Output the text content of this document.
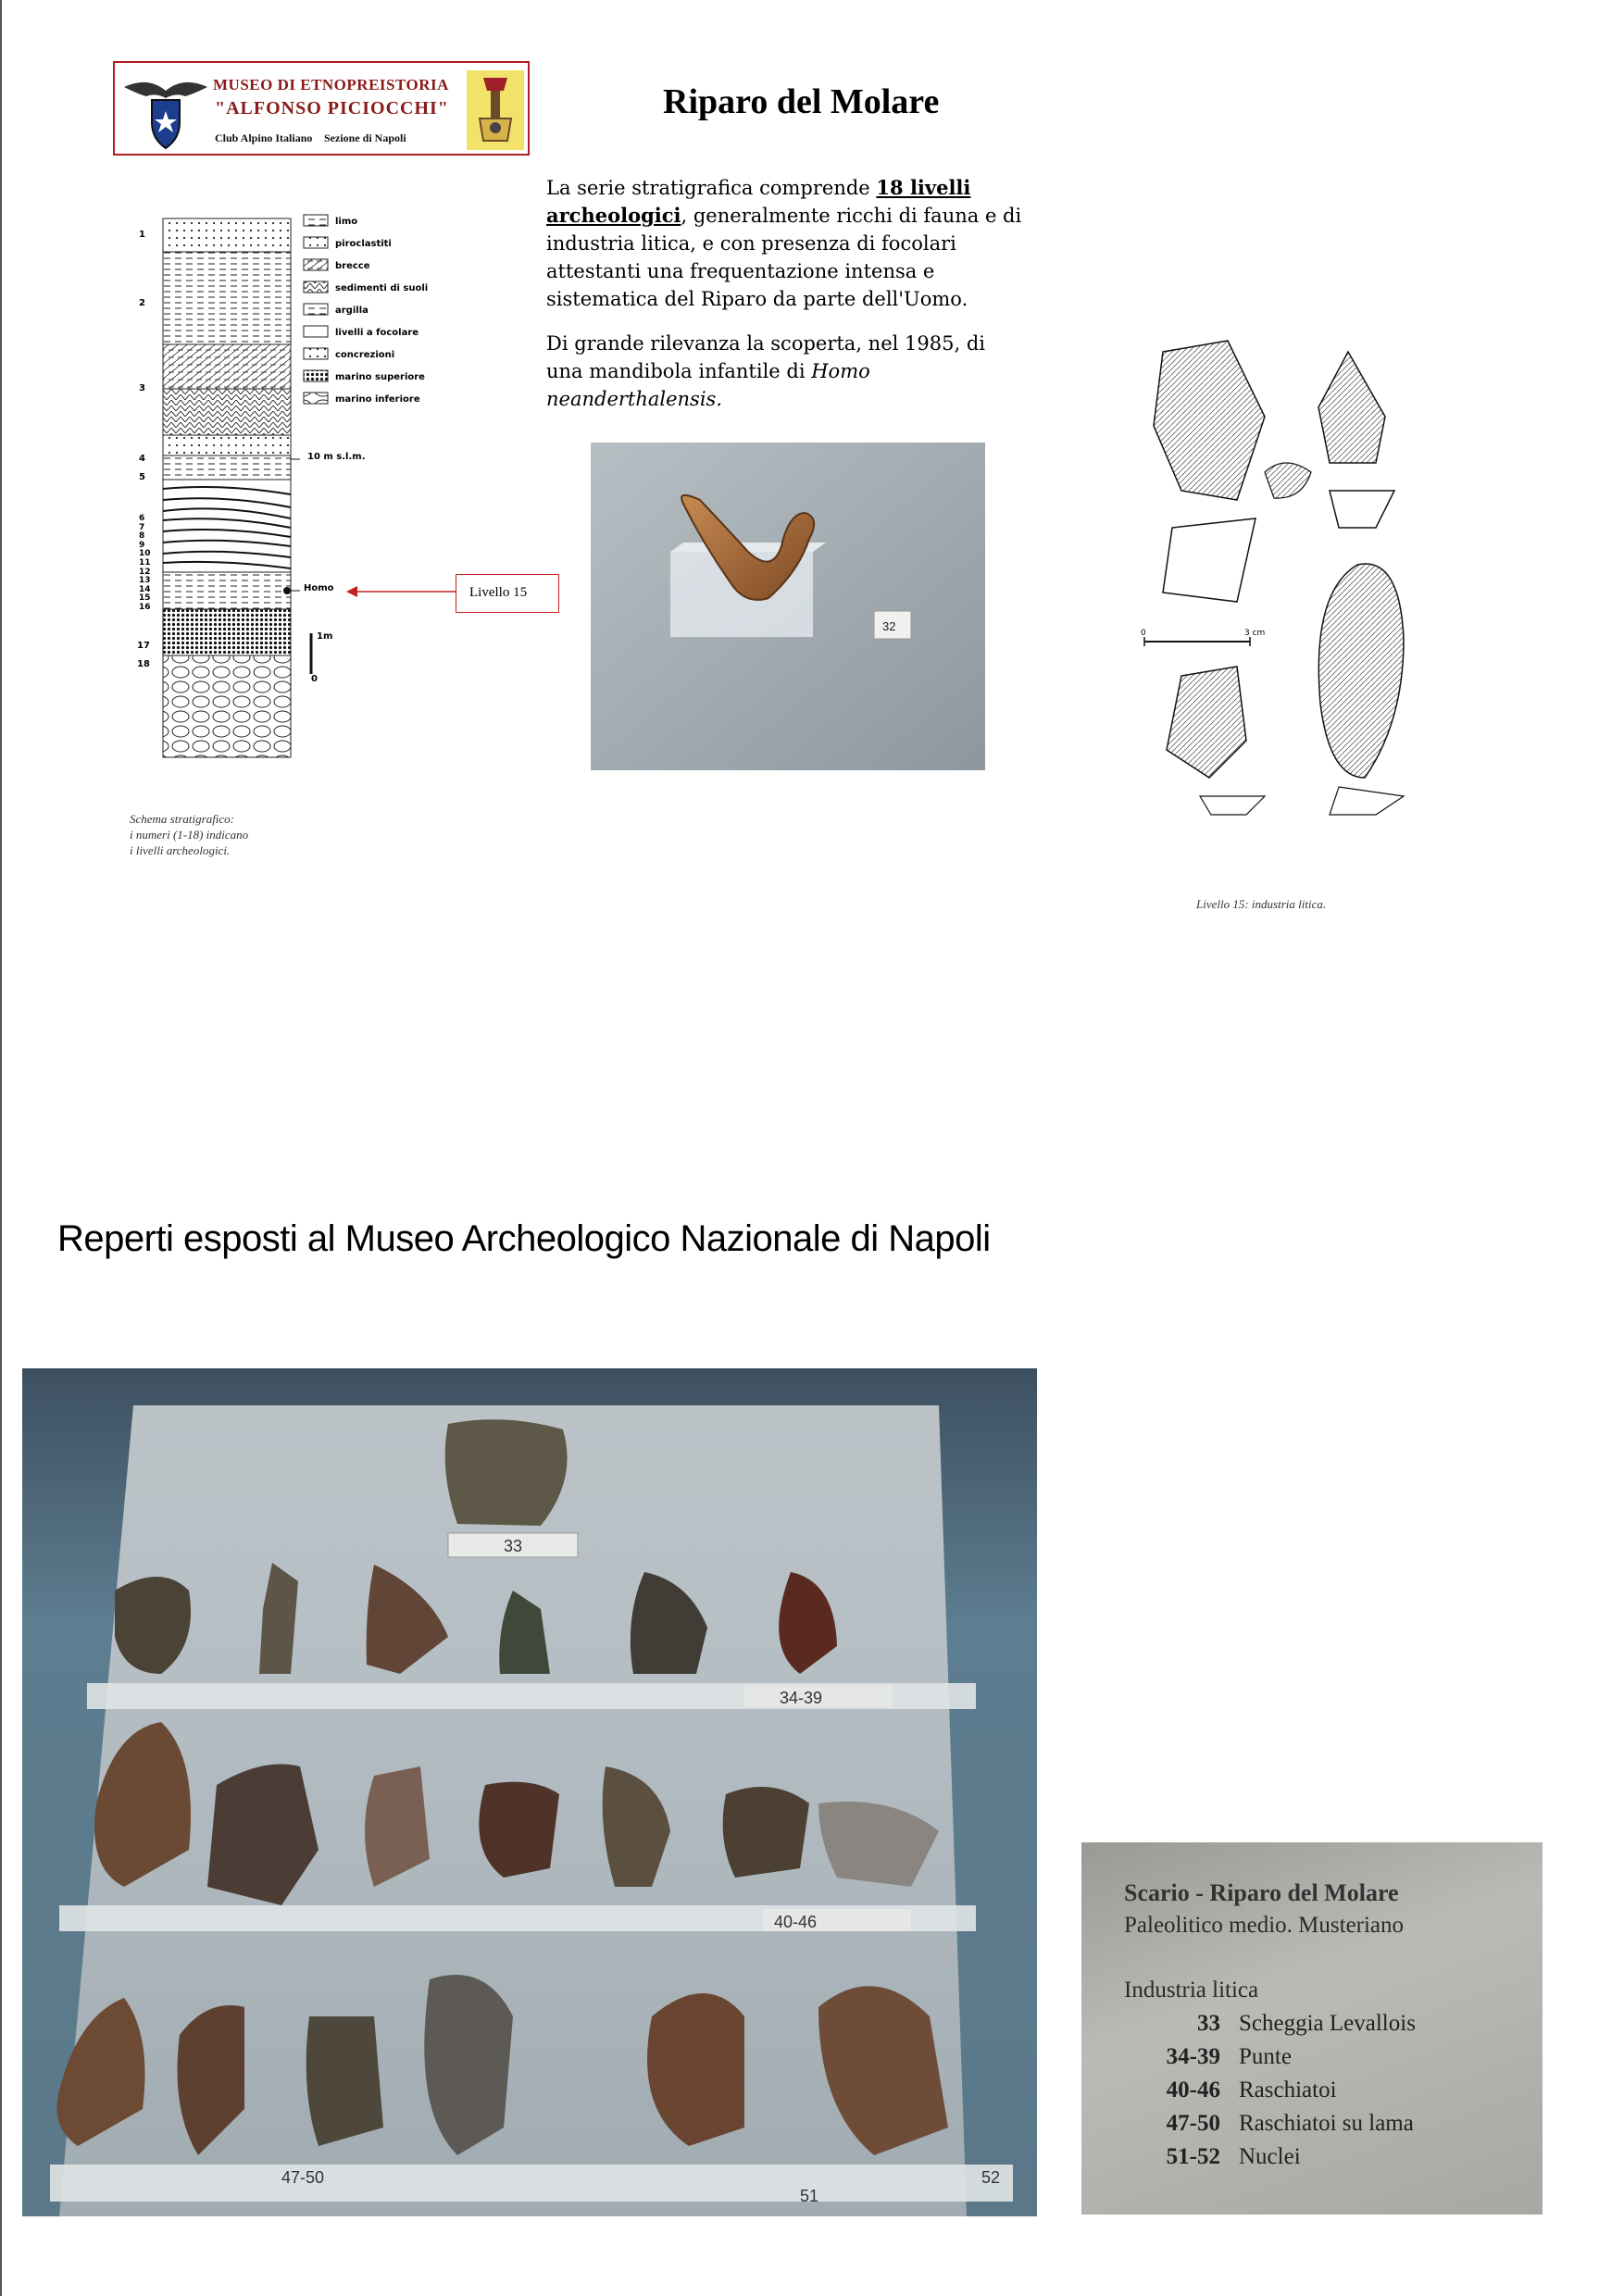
MUSEO DI ETNOPREISTORIA
"ALFONSO PICIOCCHI"
Club Alpino Italiano Sezione di Napoli
Riparo del Molare

La serie stratigrafica comprende 18 livelli archeologici, generalmente ricchi di fauna e di industria litica, e con presenza di focolari attestanti una frequentazione intensa e sistematica del Riparo da parte dell'Uomo.

Di grande rilevanza la scoperta, nel 1985, di una mandibola infantile di Homo neanderthalensis.

limo
piroclastiti
brecce
sedimenti di suoli
argilla
livelli a focolare
concrezioni
marino superiore
marino inferiore
10 m s.l.m.
Homo
1m
0
1
2
3
4
5
6
7
8
9
10
11
12
13
14
15
16
17
18
Schema stratigrafico:
i numeri (1-18) indicano
i livelli archeologici.
Livello 15
32	0	3 cm
Livello 15: industria litica.
Reperti esposti al Museo Archeologico Nazionale di Napoli
33
34-39
40-46
47-50
51
52
Scario - Riparo del Molare
Paleolitico medio. Musteriano
Industria litica
33 Scheggia Levallois
34-39 Punte
40-46 Raschiatoi
47-50 Raschiatoi su lama
51-52 Nuclei
